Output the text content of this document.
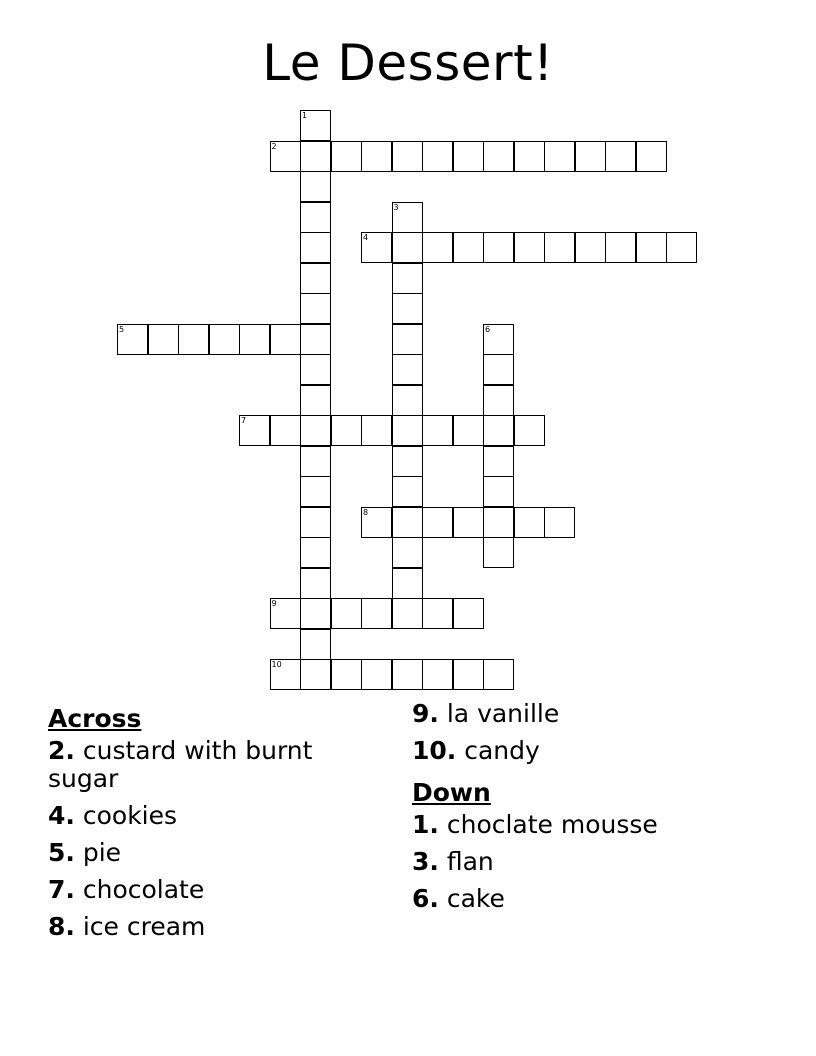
Le Dessert!
1
2
3
4
5	6
7
8
9
10
Across
2. custard with burnt sugar
4. cookies
5. pie
7. chocolate
8. ice cream
9. la vanille
10. candy
Down
1. choclate mousse
3. flan
6. cake
